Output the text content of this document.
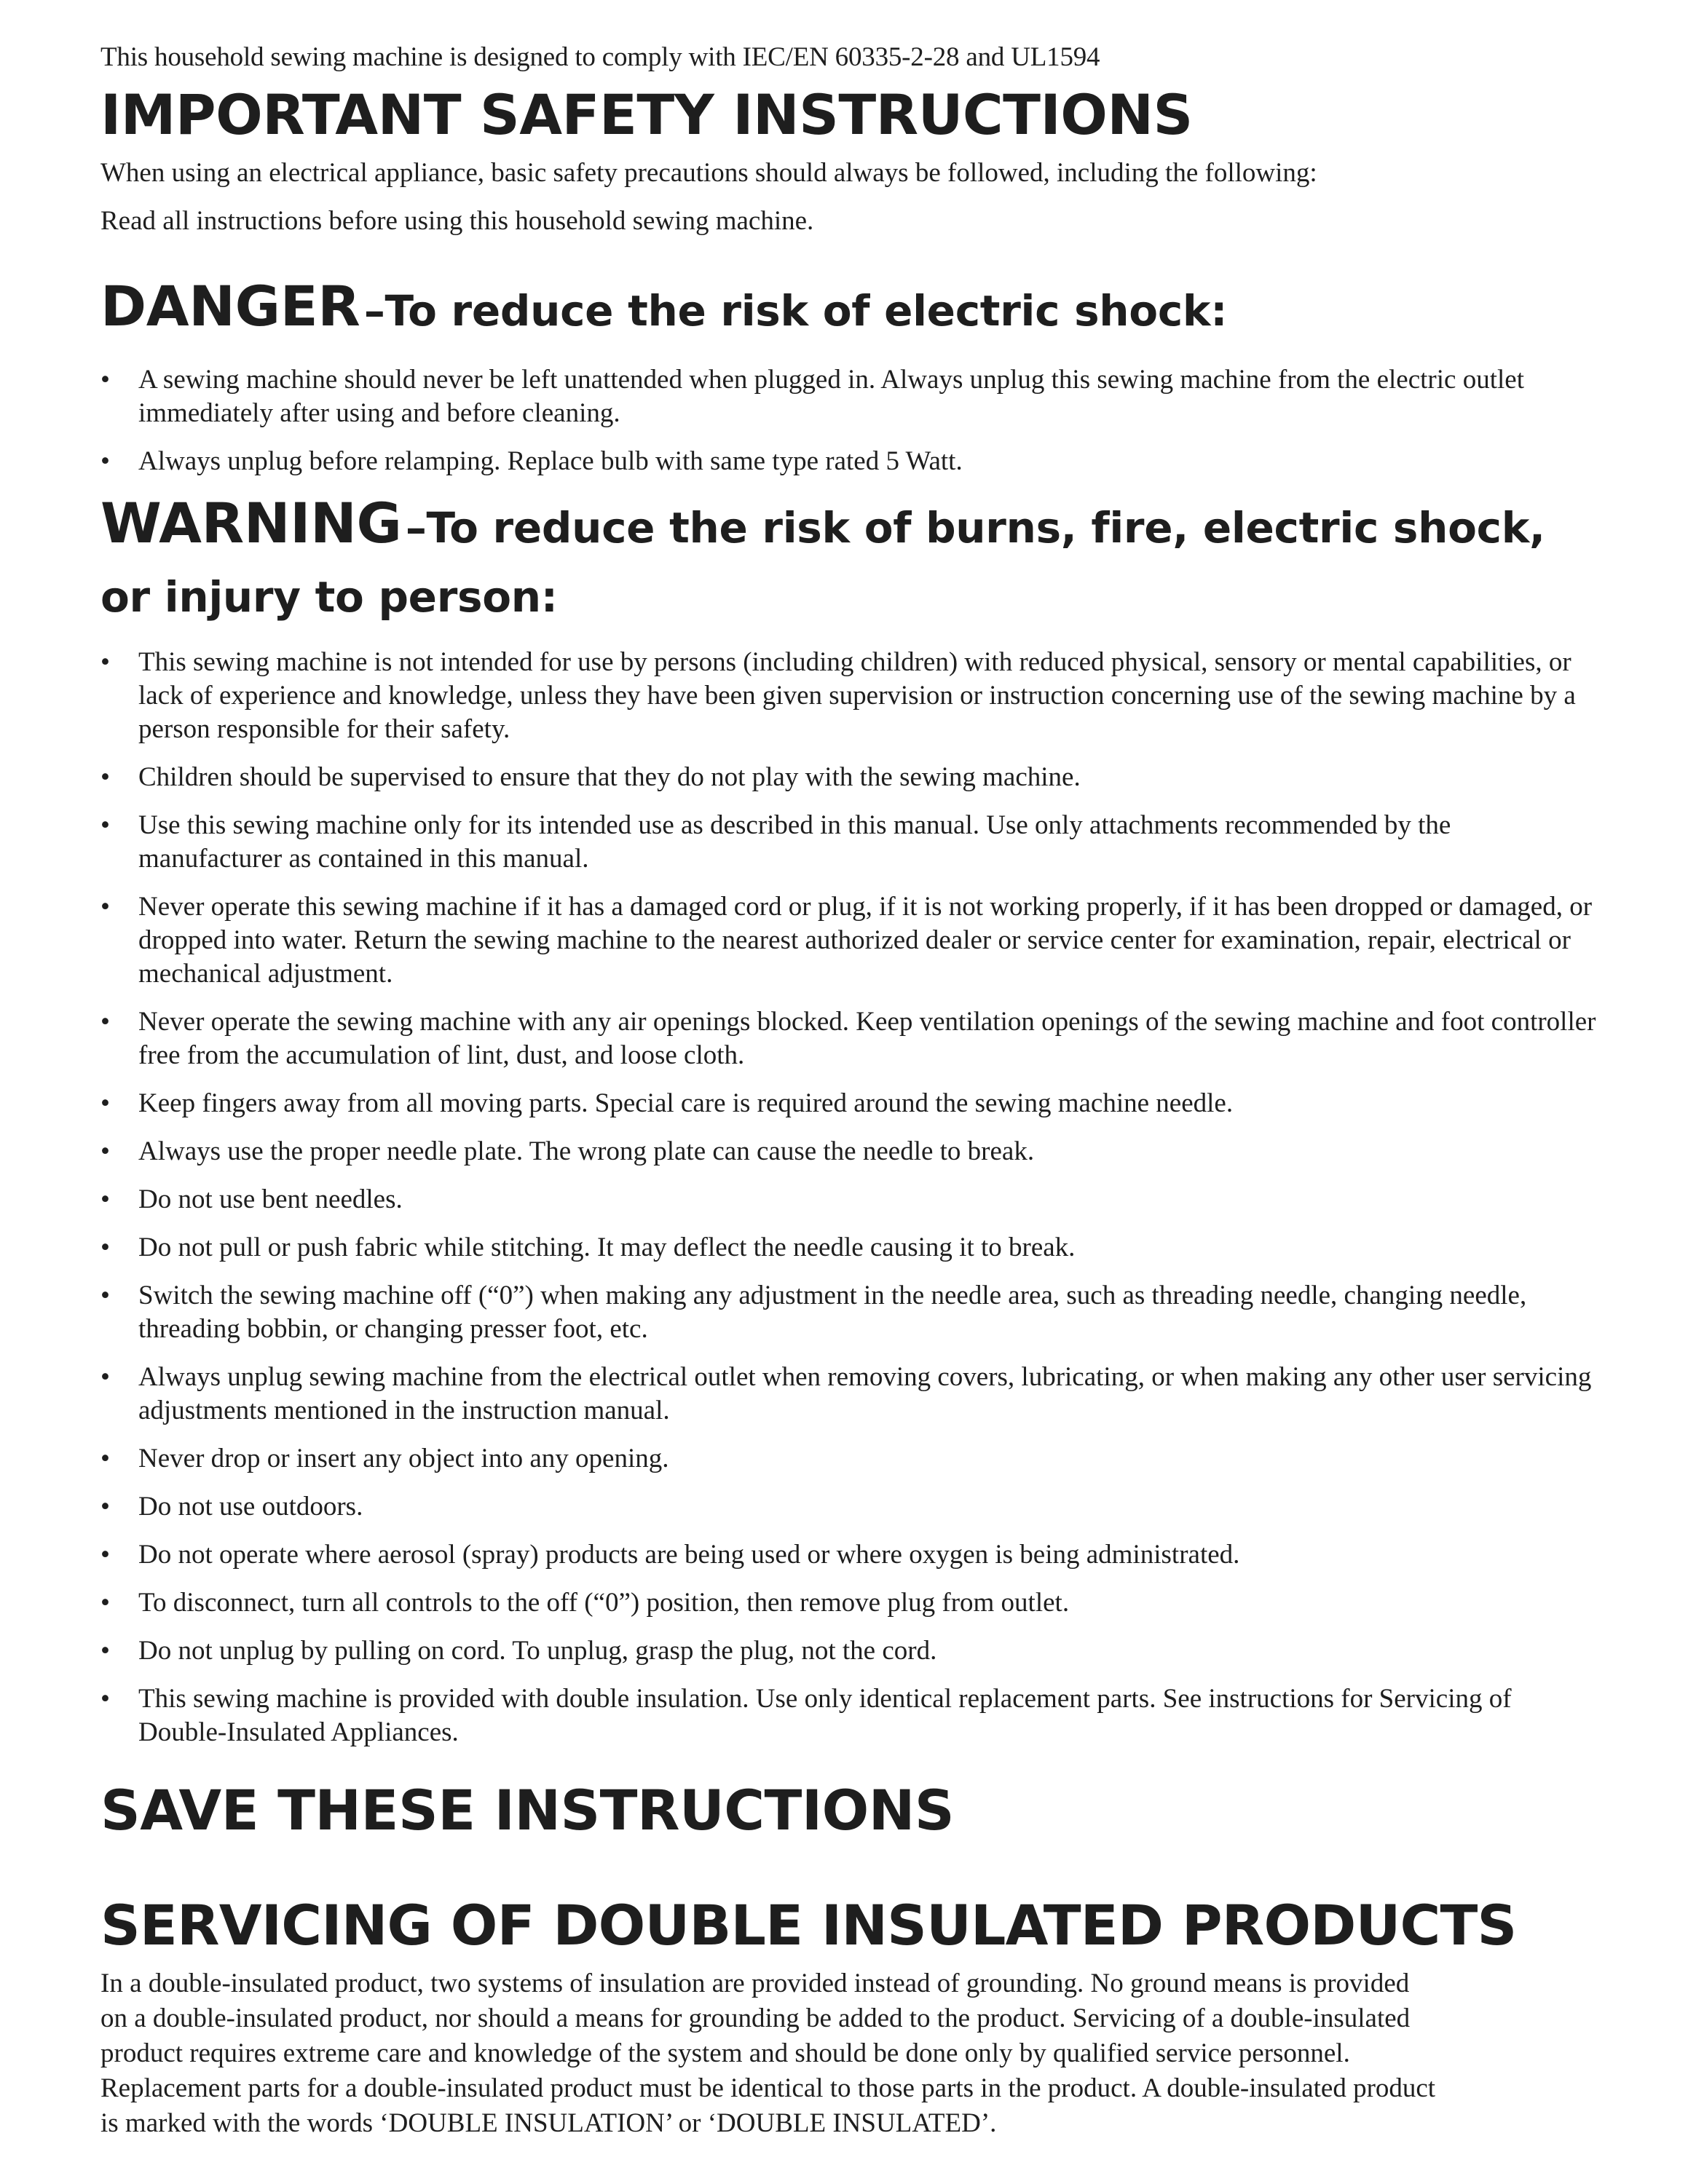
This household sewing machine is designed to comply with IEC/EN 60335-2-28 and UL1594

IMPORTANT SAFETY INSTRUCTIONS

When using an electrical appliance, basic safety precautions should always be followed, including the following:

Read all instructions before using this household sewing machine.

DANGER –To reduce the risk of electric shock:
•	A sewing machine should never be left unattended when plugged in. Always unplug this sewing machine from the electric outlet immediately after using and before cleaning.
•	Always unplug before relamping. Replace bulb with same type rated 5 Watt.
WARNING –To reduce the risk of burns, fire, electric shock, or injury to person:
•	This sewing machine is not intended for use by persons (including children) with reduced physical, sensory or mental capabilities, or lack of experience and knowledge, unless they have been given supervision or instruction concerning use of the sewing machine by a person responsible for their safety.
•	Children should be supervised to ensure that they do not play with the sewing machine.
•	Use this sewing machine only for its intended use as described in this manual. Use only attachments recommended by the manufacturer as contained in this manual.
•	Never operate this sewing machine if it has a damaged cord or plug, if it is not working properly, if it has been dropped or damaged, or dropped into water. Return the sewing machine to the nearest authorized dealer or service center for examination, repair, electrical or mechanical adjustment.
•	Never operate the sewing machine with any air openings blocked. Keep ventilation openings of the sewing machine and foot controller free from the accumulation of lint, dust, and loose cloth.
•	Keep fingers away from all moving parts. Special care is required around the sewing machine needle.
•	Always use the proper needle plate. The wrong plate can cause the needle to break.
•	Do not use bent needles.
•	Do not pull or push fabric while stitching. It may deflect the needle causing it to break.
•	Switch the sewing machine off (“0”) when making any adjustment in the needle area, such as threading needle, changing needle, threading bobbin, or changing presser foot, etc.
•	Always unplug sewing machine from the electrical outlet when removing covers, lubricating, or when making any other user servicing adjustments mentioned in the instruction manual.
•	Never drop or insert any object into any opening.
•	Do not use outdoors.
•	Do not operate where aerosol (spray) products are being used or where oxygen is being administrated.
•	To disconnect, turn all controls to the off (“0”) position, then remove plug from outlet.
•	Do not unplug by pulling on cord. To unplug, grasp the plug, not the cord.
•	This sewing machine is provided with double insulation. Use only identical replacement parts. See instructions for Servicing of Double-Insulated Appliances.
SAVE THESE INSTRUCTIONS
SERVICING OF DOUBLE INSULATED PRODUCTS

In a double-insulated product, two systems of insulation are provided instead of grounding. No ground means is provided
on a double-insulated product, nor should a means for grounding be added to the product. Servicing of a double-insulated
product requires extreme care and knowledge of the system and should be done only by qualified service personnel.
Replacement parts for a double-insulated product must be identical to those parts in the product. A double-insulated product
is marked with the words ‘DOUBLE INSULATION’ or ‘DOUBLE INSULATED’.
